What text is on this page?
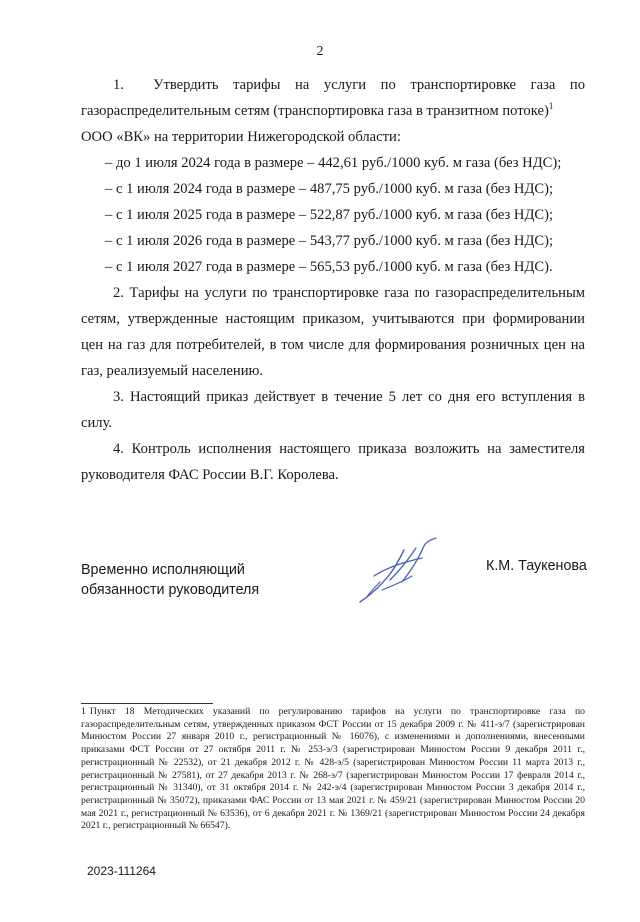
2

1. Утвердить тарифы на услуги по транспортировке газа по газораспределительным сетям (транспортировка газа в транзитном потоке)$^1$

ООО «ВК» на территории Нижегородской области:

– до 1 июля 2024 года в размере – 442,61 руб./1000 куб. м газа (без НДС);

– с 1 июля 2024 года в размере – 487,75 руб./1000 куб. м газа (без НДС);

– с 1 июля 2025 года в размере – 522,87 руб./1000 куб. м газа (без НДС);

– с 1 июля 2026 года в размере – 543,77 руб./1000 куб. м газа (без НДС);

– с 1 июля 2027 года в размере – 565,53 руб./1000 куб. м газа (без НДС).

2. Тарифы на услуги по транспортировке газа по газораспределительным сетям, утвержденные настоящим приказом, учитываются при формировании цен на газ для потребителей, в том числе для формирования розничных цен на газ, реализуемый населению.

3. Настоящий приказ действует в течение 5 лет со дня его вступления в силу.

4. Контроль исполнения настоящего приказа возложить на заместителя руководителя ФАС России В.Г. Королева.

Временно исполняющий
обязанности руководителя
К.М. Таукенова
1 Пункт 18 Методических указаний по регулированию тарифов на услуги по транспортировке газа по газораспределительным сетям, утвержденных приказом ФСТ России от 15 декабря 2009 г. № 411-э/7 (зарегистрирован Минюстом России 27 января 2010 г., регистрационный № 16076), с изменениями и дополнениями, внесенными приказами ФСТ России от 27 октября 2011 г. № 253-э/3 (зарегистрирован Минюстом России 9 декабря 2011 г., регистрационный № 22532), от 21 декабря 2012 г. № 428-э/5 (зарегистрирован Минюстом России 11 марта 2013 г., регистрационный № 27581), от 27 декабря 2013 г. № 268-э/7 (зарегистрирован Минюстом России 17 февраля 2014 г., регистрационный № 31340), от 31 октября 2014 г. № 242-э/4 (зарегистрирован Минюстом России 3 декабря 2014 г., регистрационный № 35072), приказами ФАС России от 13 мая 2021 г. № 459/21 (зарегистрирован Минюстом России 20 мая 2021 г., регистрационный № 63536), от 6 декабря 2021 г. № 1369/21 (зарегистрирован Минюстом России 24 декабря 2021 г., регистрационный № 66547).
2023-111264
